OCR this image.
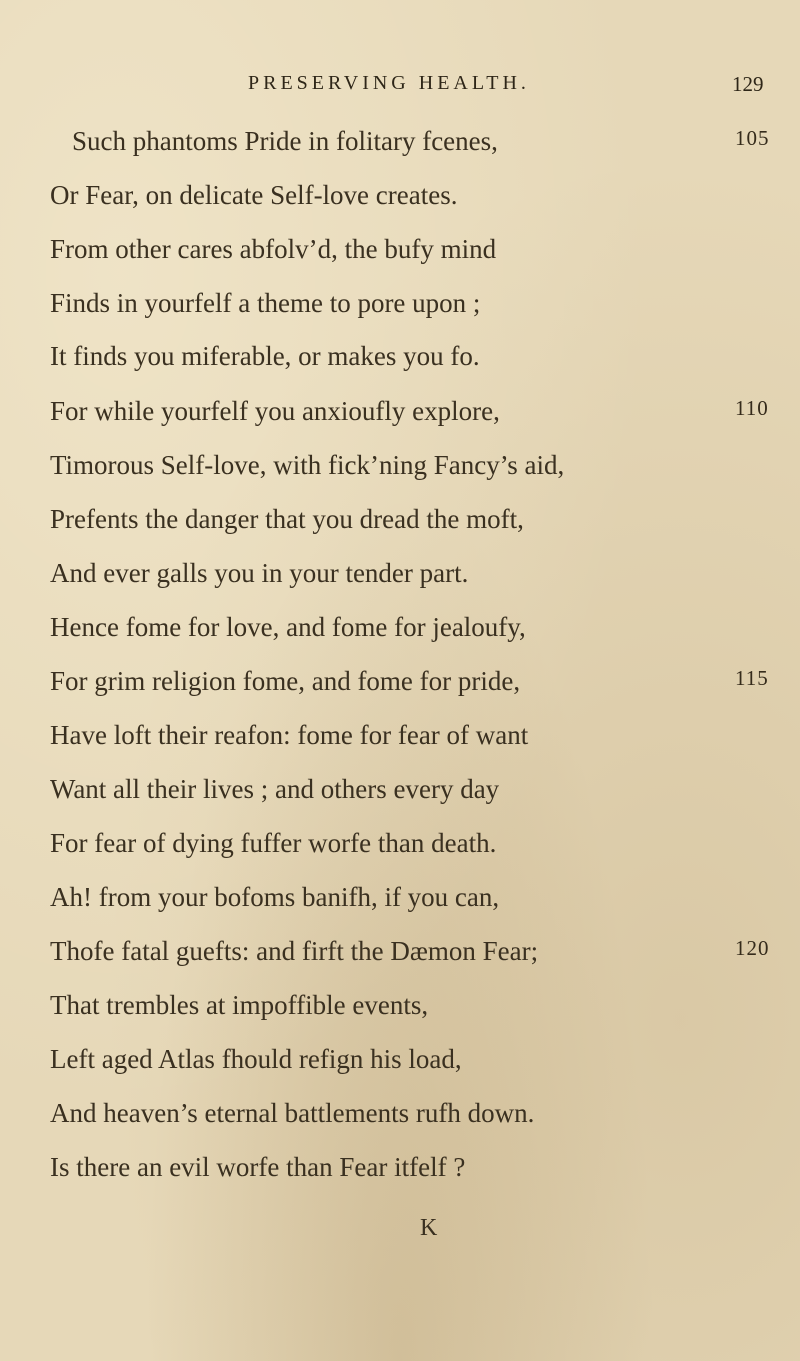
PRESERVING HEALTH.	129
Such phantoms Pride in folitary fcenes,	105
Or Fear, on delicate Self-love creates.
From other cares abfolv’d, the bufy mind
Finds in yourfelf a theme to pore upon ;
It finds you miferable, or makes you fo.
For while yourfelf you anxioufly explore,	110
Timorous Self-love, with fick’ning Fancy’s aid,
Prefents the danger that you dread the moft,
And ever galls you in your tender part.
Hence fome for love, and fome for jealoufy,
For grim religion fome, and fome for pride,	115
Have loft their reafon: fome for fear of want
Want all their lives ; and others every day
For fear of dying fuffer worfe than death.
Ah! from your bofoms banifh, if you can,
Thofe fatal guefts: and firft the Dæmon Fear;	120
That trembles at impoffible events,
Left aged Atlas fhould refign his load,
And heaven’s eternal battlements rufh down.
Is there an evil worfe than Fear itfelf ?
K
